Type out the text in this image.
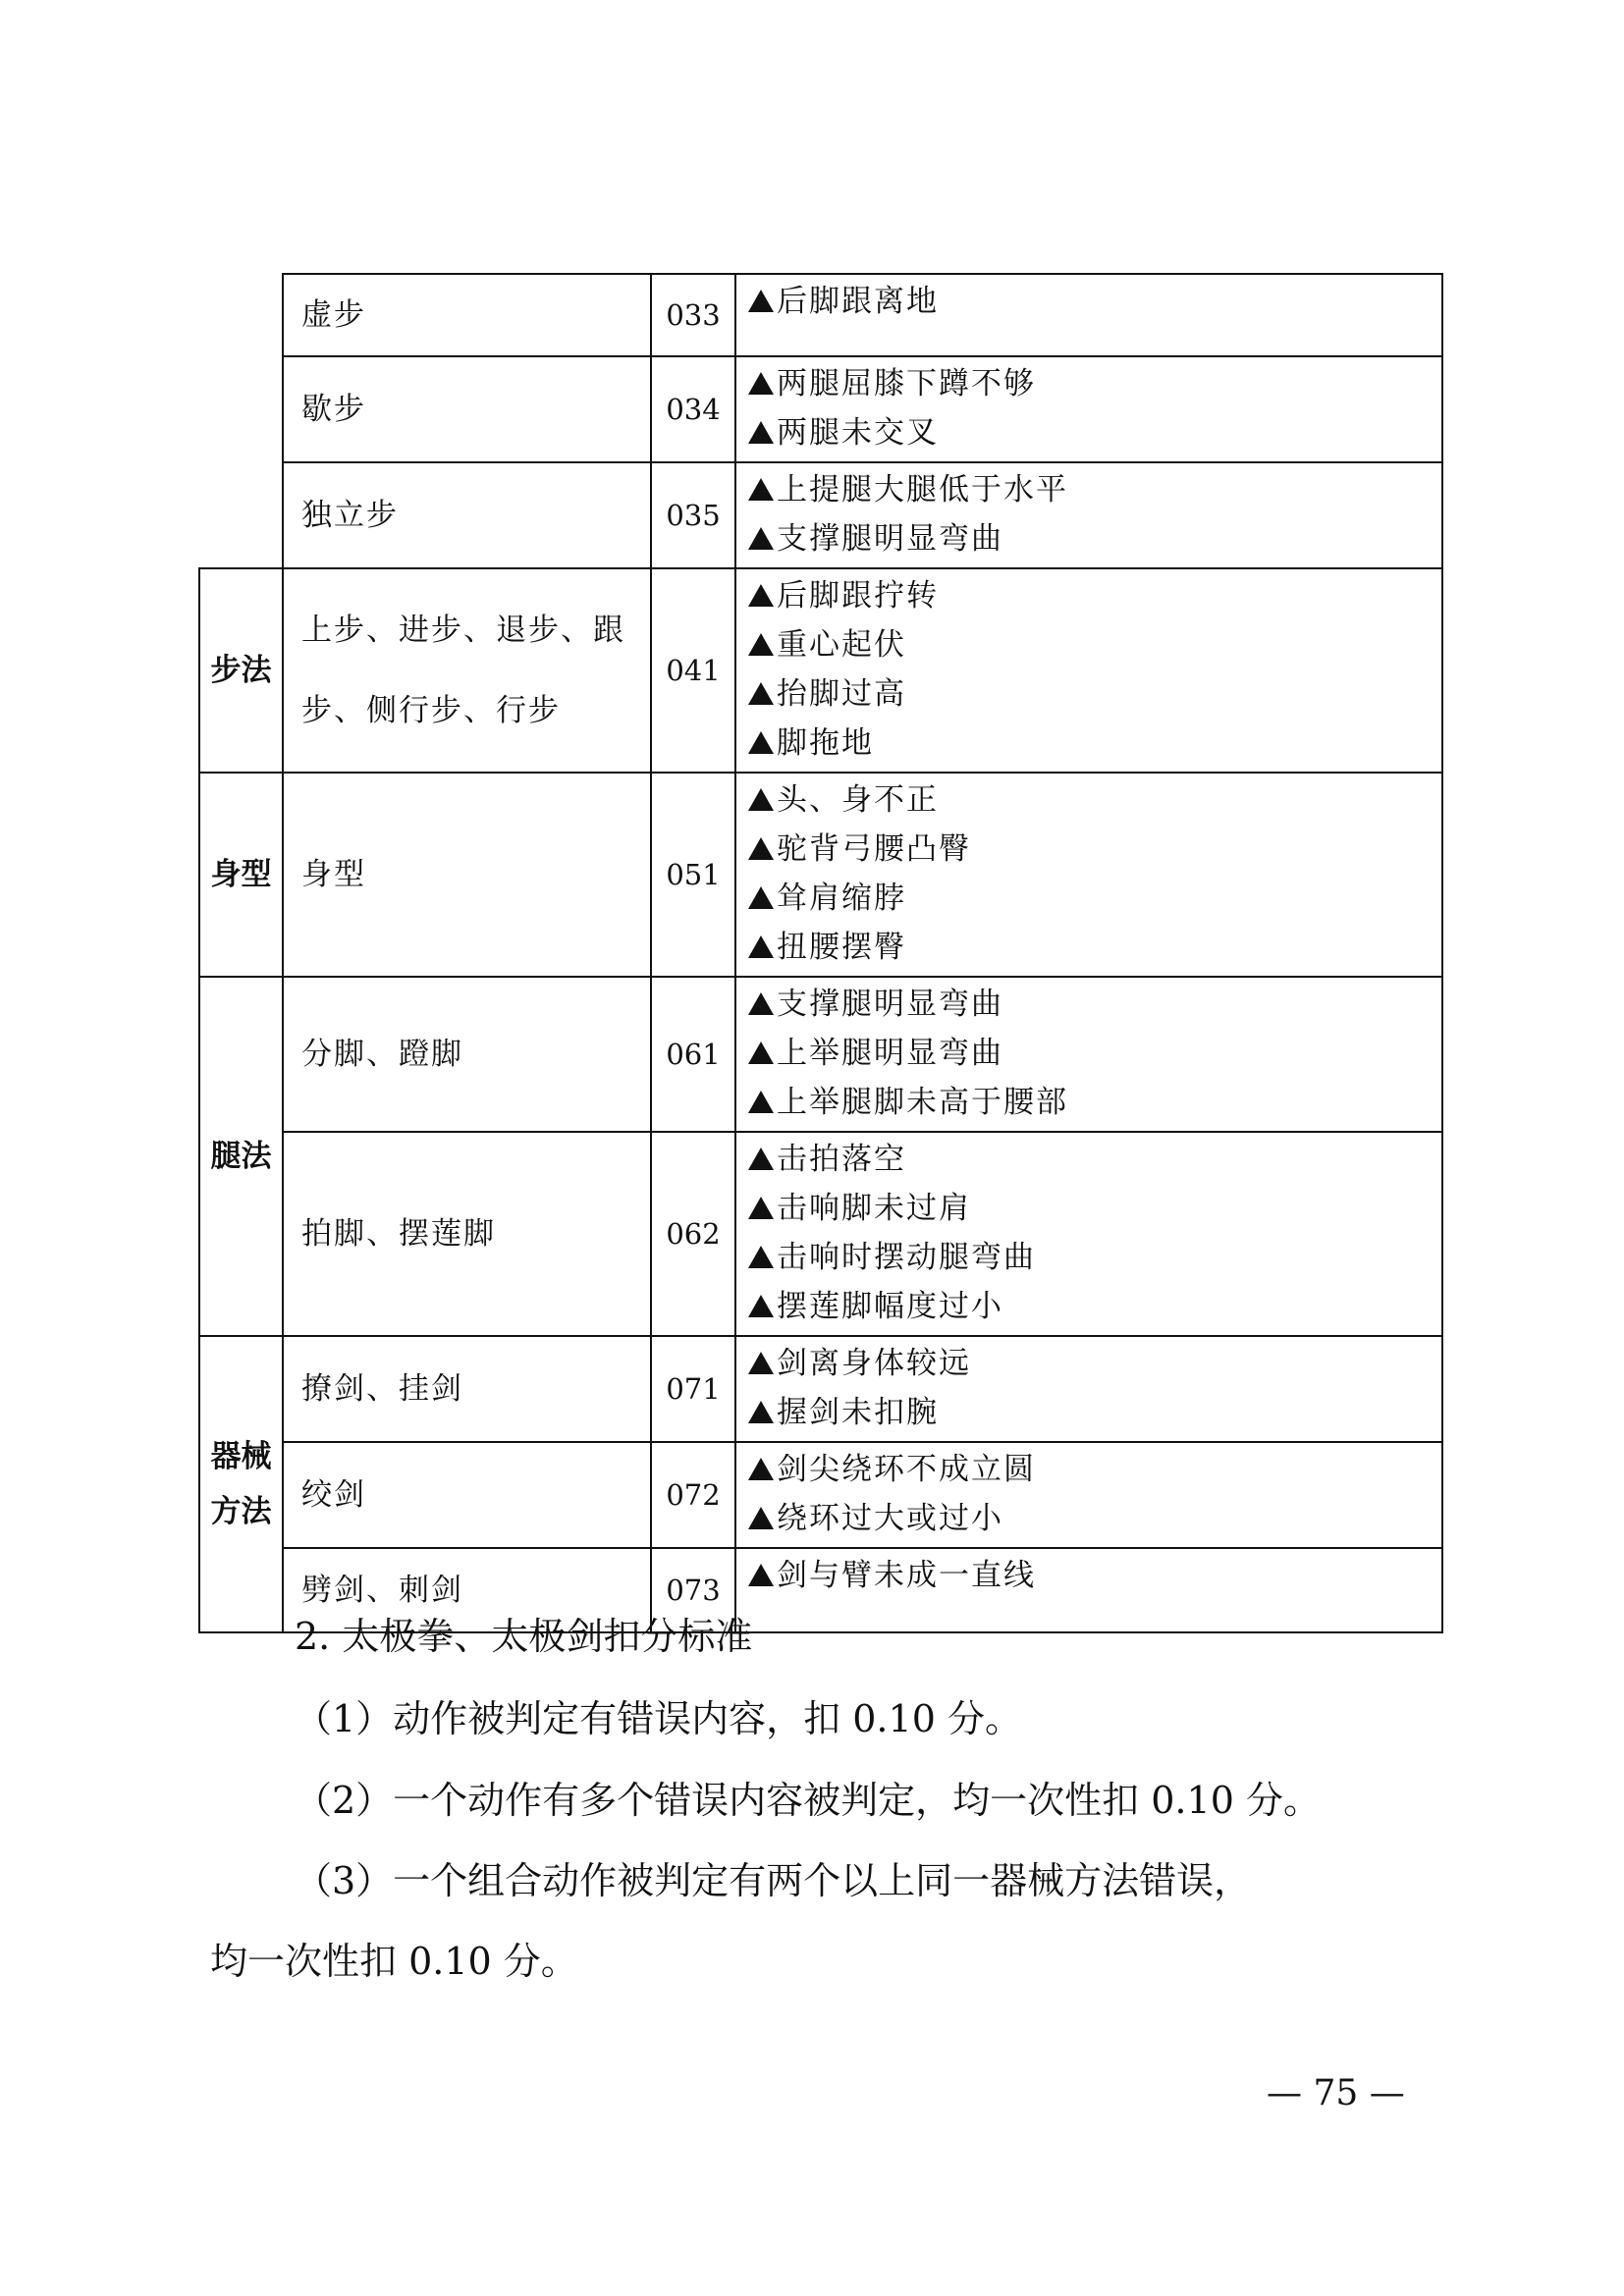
	虚步	033	后脚跟离地

	歇步	034	两腿屈膝下蹲不够
两腿未交叉

	独立步	035	上提腿大腿低于水平
支撑腿明显弯曲

步法	上步、进步、退步、跟步、侧行步、行步	041	后脚跟拧转
重心起伏
抬脚过高
脚拖地

身型	身型	051	头、身不正
驼背弓腰凸臀
耸肩缩脖
扭腰摆臀

腿法	分脚、蹬脚	061	支撑腿明显弯曲
上举腿明显弯曲
上举腿脚未高于腰部

	拍脚、摆莲脚	062	击拍落空
击响脚未过肩
击响时摆动腿弯曲
摆莲脚幅度过小

器械方法	撩剑、挂剑	071	剑离身体较远
握剑未扣腕

	绞剑	072	剑尖绕环不成立圆
绕环过大或过小

	劈剑、刺剑	073	剑与臂未成一直线
2. 太极拳、太极剑扣分标准
（1）动作被判定有错误内容，扣 0.10 分。
（2）一个动作有多个错误内容被判定，均一次性扣 0.10 分。
（3）一个组合动作被判定有两个以上同一器械方法错误，
均一次性扣 0.10 分。
— 75 —
